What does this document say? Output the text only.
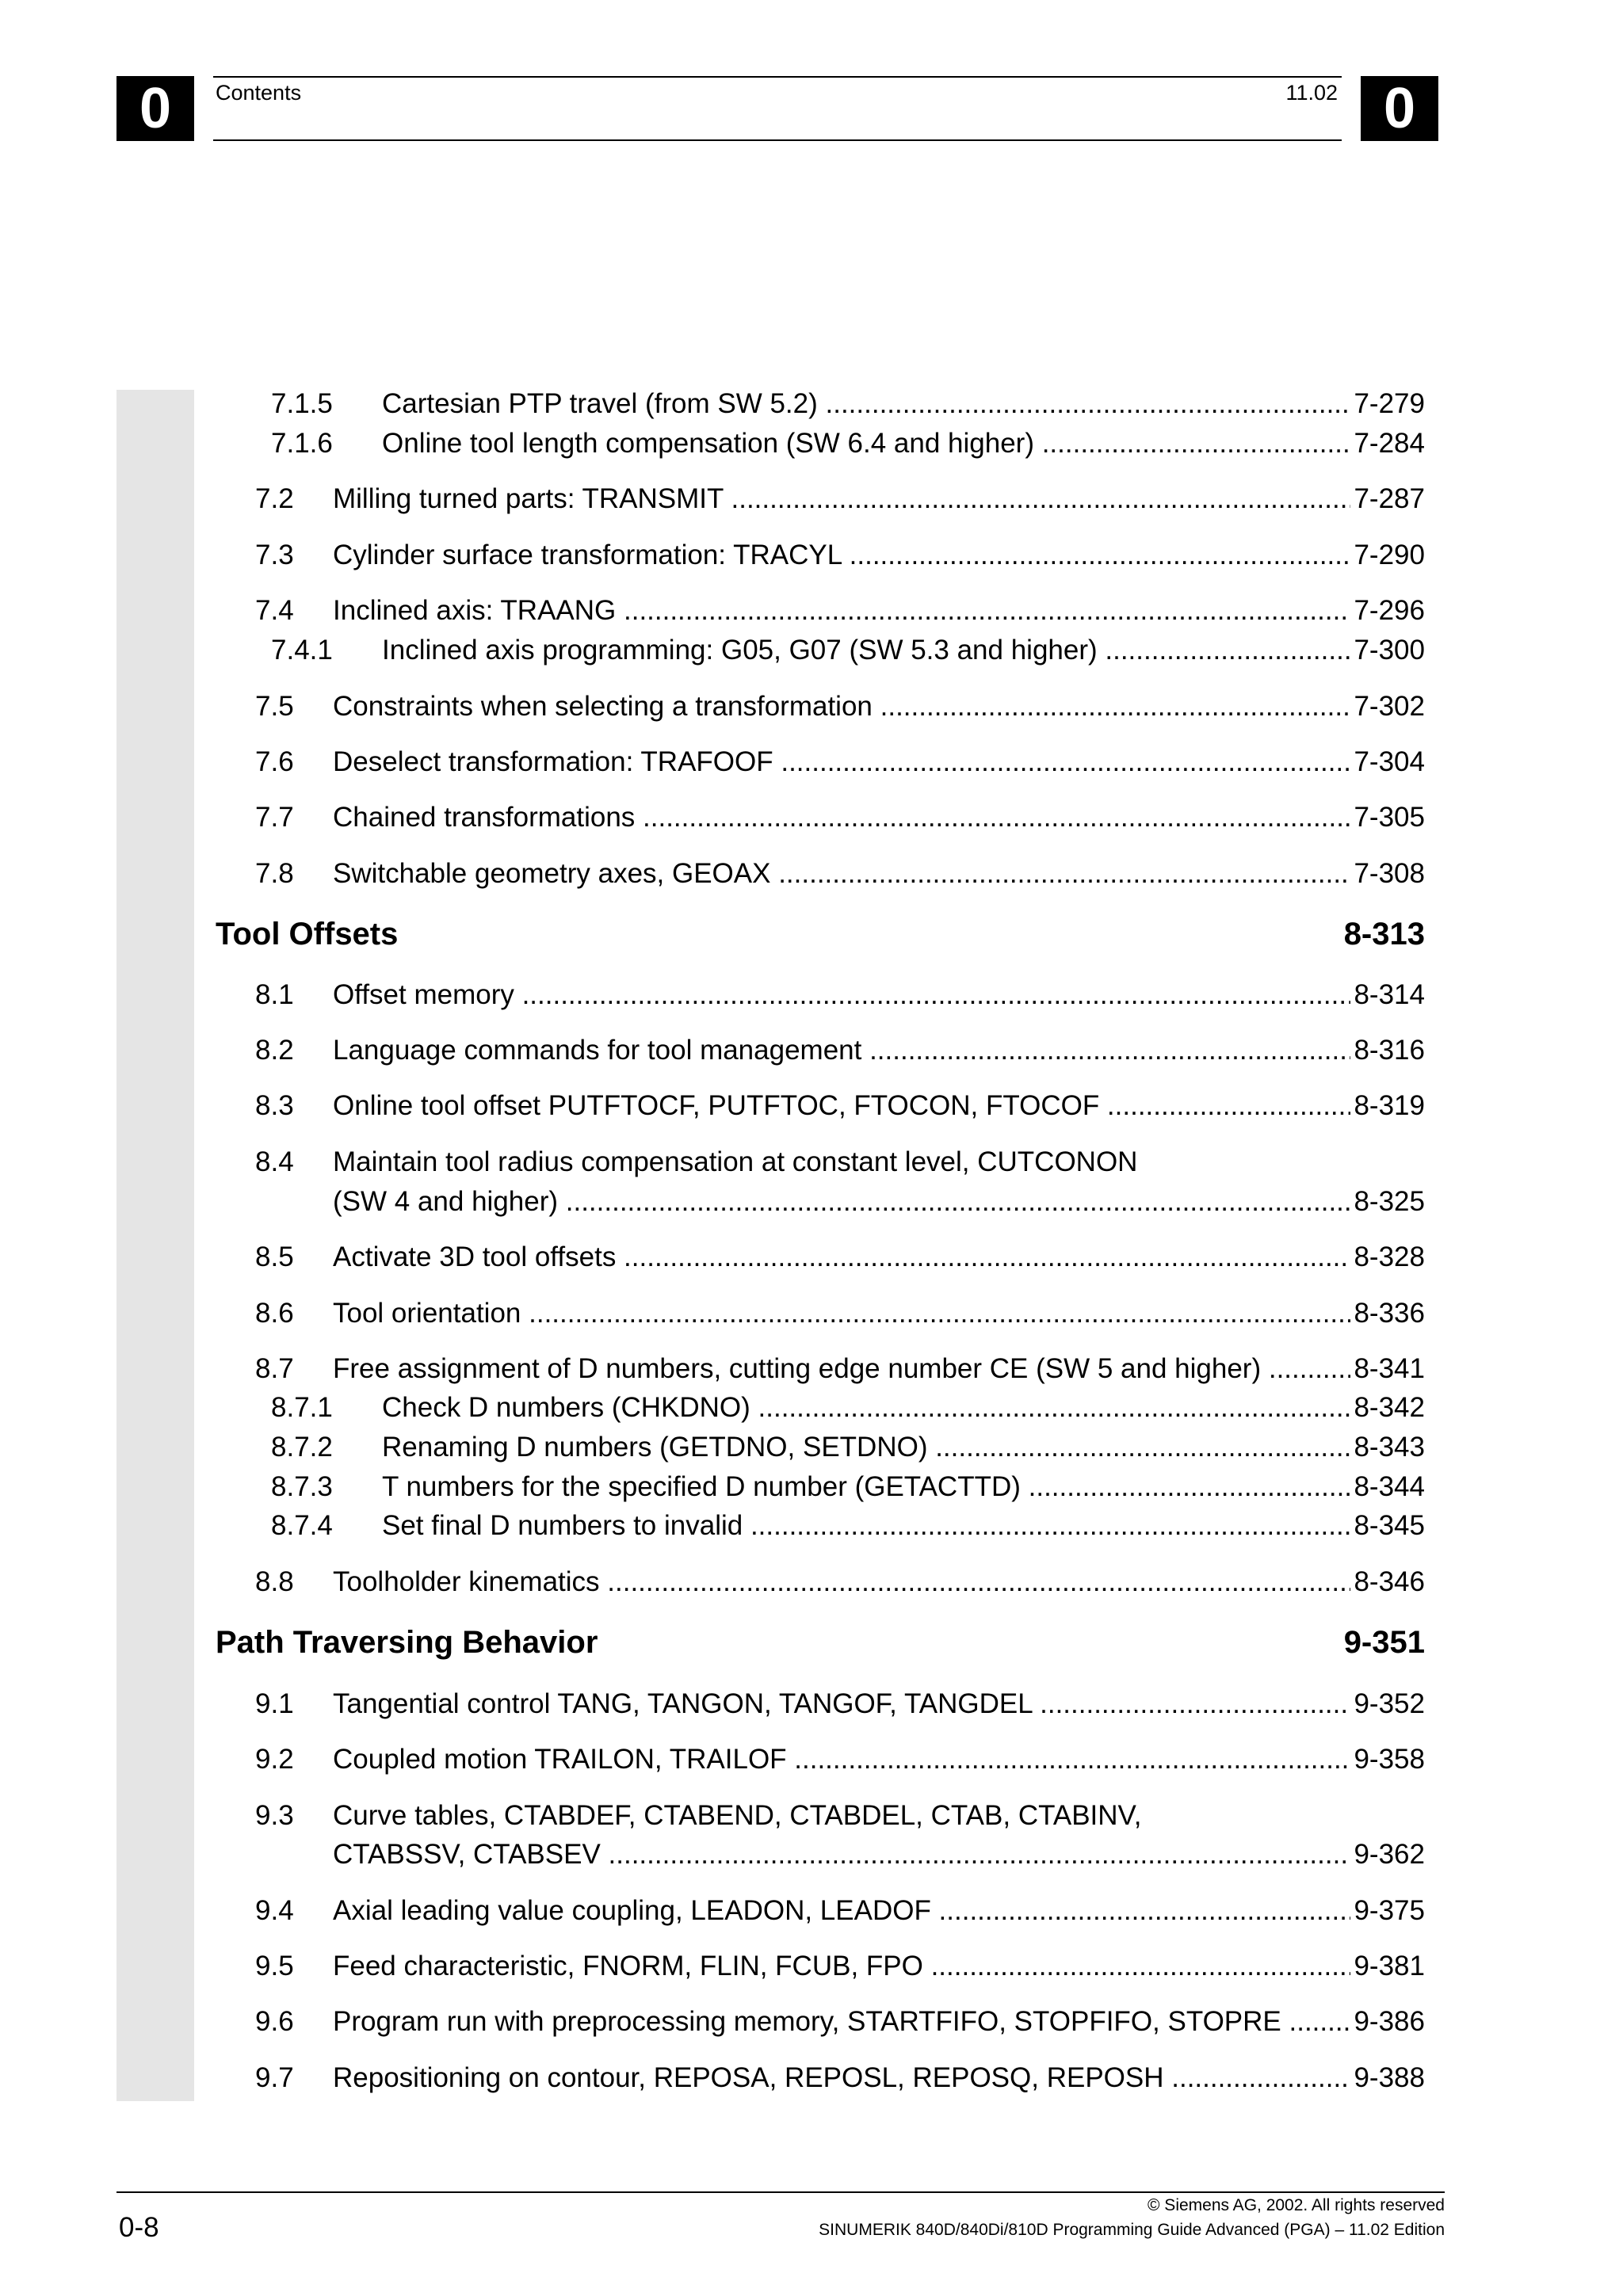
0	Contents	11.02 0
7.1.5 Cartesian PTP travel (from SW 5.2) .....	7-279
7.1.6 Online tool length compensation (SW 6.4 and higher) .....	7-284
7.2 Milling turned parts: TRANSMIT .....	7-287
7.3 Cylinder surface transformation: TRACYL .....	7-290
7.4 Inclined axis: TRAANG .....	7-296
7.4.1 Inclined axis programming: G05, G07 (SW 5.3 and higher) .....	7-300
7.5 Constraints when selecting a transformation .....	7-302
7.6 Deselect transformation: TRAFOOF .....	7-304
7.7 Chained transformations .....	7-305
7.8 Switchable geometry axes, GEOAX .....	7-308
Tool Offsets	8-313
8.1 Offset memory .....	8-314
8.2 Language commands for tool management .....	8-316
8.3 Online tool offset PUTFTOCF, PUTFTOC, FTOCON, FTOCOF .....	8-319
8.4 Maintain tool radius compensation at constant level, CUTCONON
(SW 4 and higher) .....	8-325
8.5 Activate 3D tool offsets .....	8-328
8.6 Tool orientation .....	8-336
8.7 Free assignment of D numbers, cutting edge number CE (SW 5 and higher) .....	8-341
8.7.1 Check D numbers (CHKDNO) .....	8-342
8.7.2 Renaming D numbers (GETDNO, SETDNO) .....	8-343
8.7.3 T numbers for the specified D number (GETACTTD) .....	8-344
8.7.4 Set final D numbers to invalid .....	8-345
8.8 Toolholder kinematics .....	8-346
Path Traversing Behavior	9-351
9.1 Tangential control TANG, TANGON, TANGOF, TANGDEL .....	9-352
9.2 Coupled motion TRAILON, TRAILOF .....	9-358
9.3 Curve tables, CTABDEF, CTABEND, CTABDEL, CTAB, CTABINV,
CTABSSV, CTABSEV .....	9-362
9.4 Axial leading value coupling, LEADON, LEADOF .....	9-375
9.5 Feed characteristic, FNORM, FLIN, FCUB, FPO .....	9-381
9.6 Program run with preprocessing memory, STARTFIFO, STOPFIFO, STOPRE .....	9-386
9.7 Repositioning on contour, REPOSA, REPOSL, REPOSQ, REPOSH .....	9-388
0-8
© Siemens AG, 2002. All rights reserved
SINUMERIK 840D/840Di/810D Programming Guide Advanced (PGA) – 11.02 Edition
